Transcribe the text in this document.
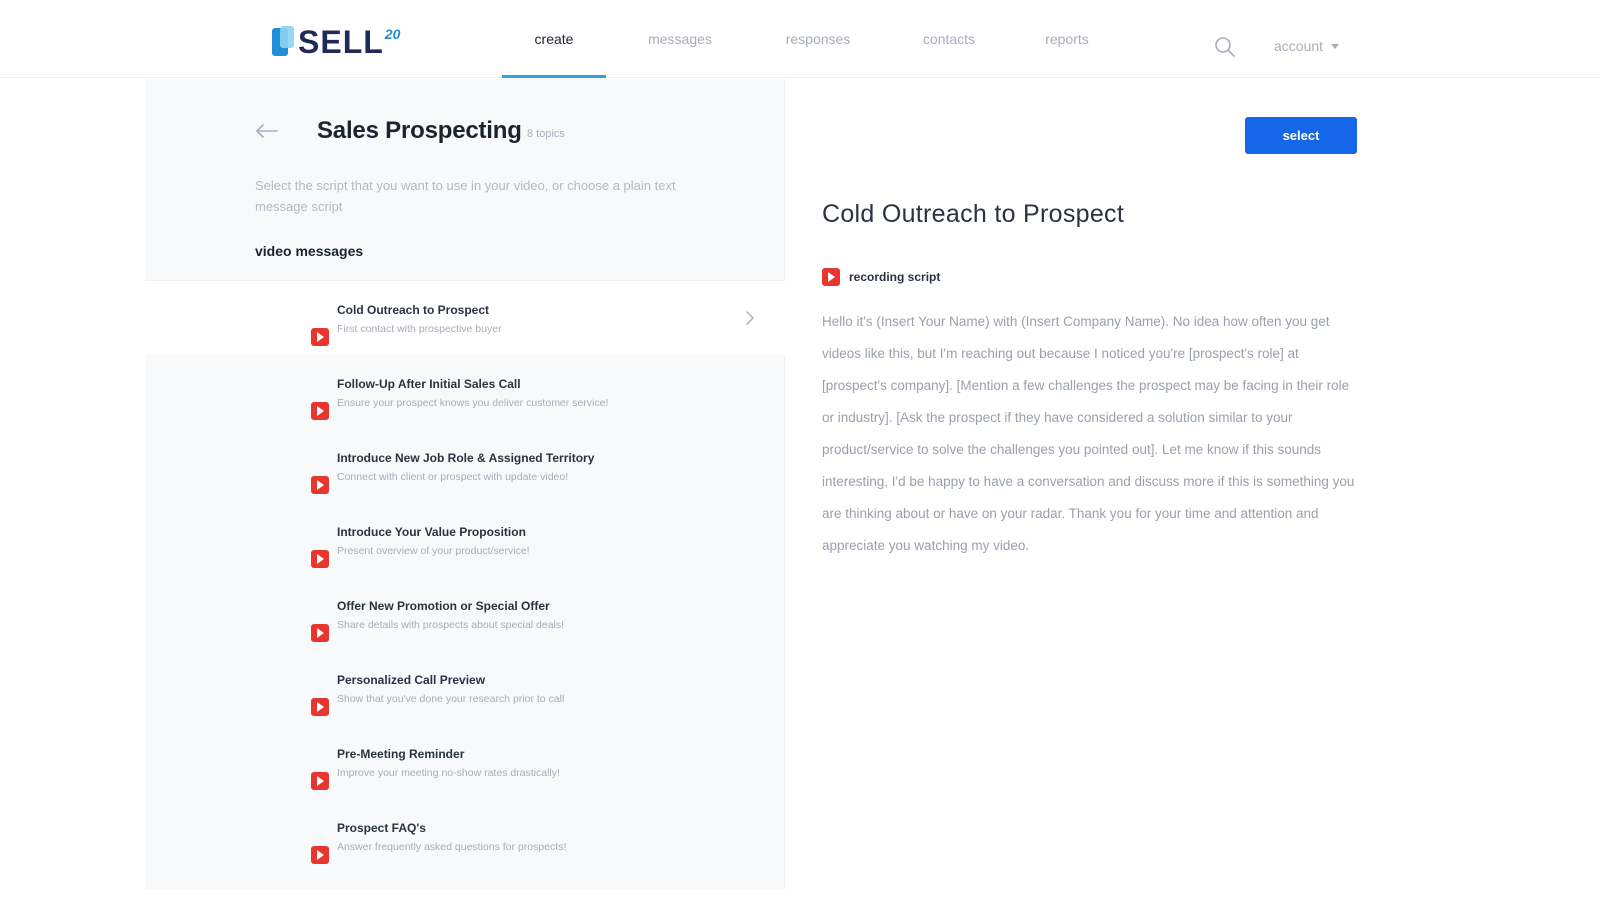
SELL 20	create	messages	responses	contacts	reports	account
Sales Prospecting 8 topics
Select the script that you want to use in your video, or choose a plain text message script
video messages
Cold Outreach to Prospect
First contact with prospective buyer
Follow-Up After Initial Sales Call
Ensure your prospect knows you deliver customer service!
Introduce New Job Role & Assigned Territory
Connect with client or prospect with update video!
Introduce Your Value Proposition
Present overview of your product/service!
Offer New Promotion or Special Offer
Share details with prospects about special deals!
Personalized Call Preview
Show that you've done your research prior to call
Pre-Meeting Reminder
Improve your meeting no-show rates drastically!
Prospect FAQ's
Answer frequently asked questions for prospects!
select
Cold Outreach to Prospect
recording script
Hello it's (Insert Your Name) with (Insert Company Name). No idea how often you get videos like this, but I'm reaching out because I noticed you're [prospect's role] at [prospect's company]. [Mention a few challenges the prospect may be facing in their role or industry]. [Ask the prospect if they have considered a solution similar to your product/service to solve the challenges you pointed out]. Let me know if this sounds interesting, I'd be happy to have a conversation and discuss more if this is something you are thinking about or have on your radar. Thank you for your time and attention and appreciate you watching my video.
